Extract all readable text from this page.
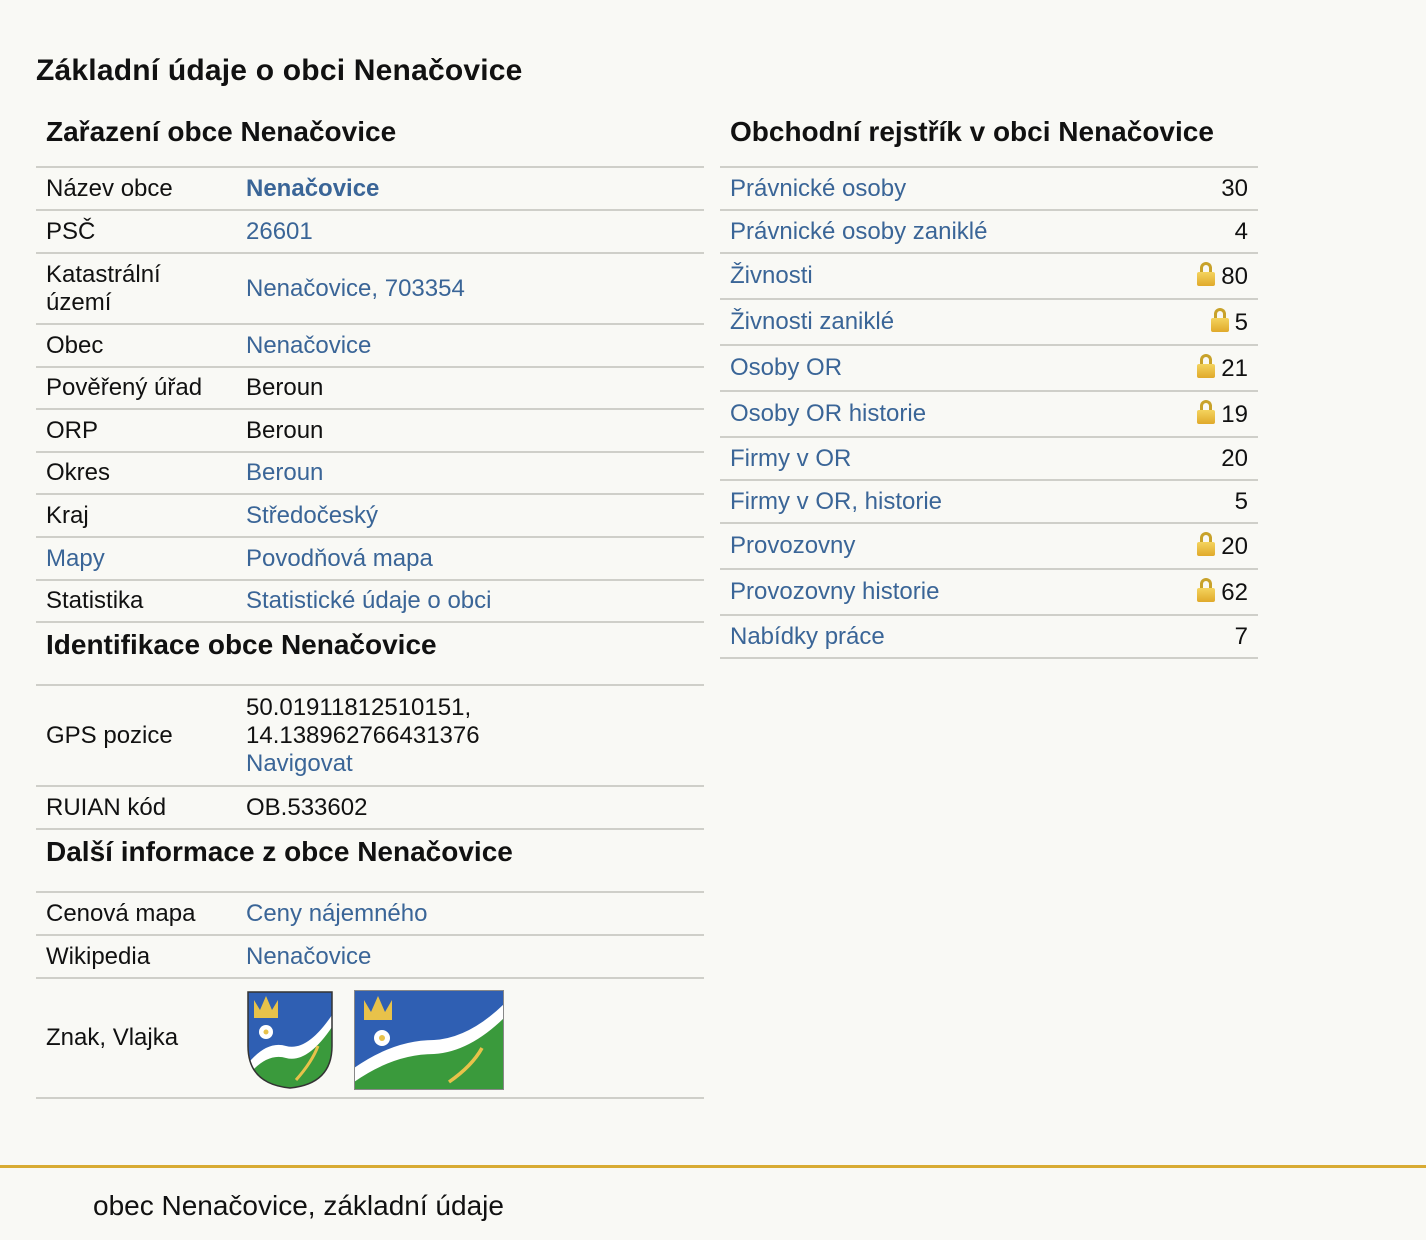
Základní údaje o obci Nenačovice
Zařazení obce Nenačovice
Název obce	Nenačovice
PSČ	26601
Katastrální území	Nenačovice, 703354
Obec	Nenačovice
Pověřený úřad	Beroun
ORP	Beroun
Okres	Beroun
Kraj	Středočeský
Mapy	Povodňová mapa
Statistika	Statistické údaje o obci
Identifikace obce Nenačovice
GPS pozice	50.01911812510151,
14.138962766431376
Navigovat

RUIAN kód	OB.533602
Další informace z obce Nenačovice
Cenová mapa	Ceny nájemného
Wikipedia	Nenačovice
Znak, Vlajka	
Obchodní rejstřík v obci Nenačovice
Právnické osoby	30
Právnické osoby zaniklé	4
Živnosti	80
Živnosti zaniklé	5
Osoby OR	21
Osoby OR historie	19
Firmy v OR	20
Firmy v OR, historie	5
Provozovny	20
Provozovny historie	62
Nabídky práce	7
obec Nenačovice, základní údaje
